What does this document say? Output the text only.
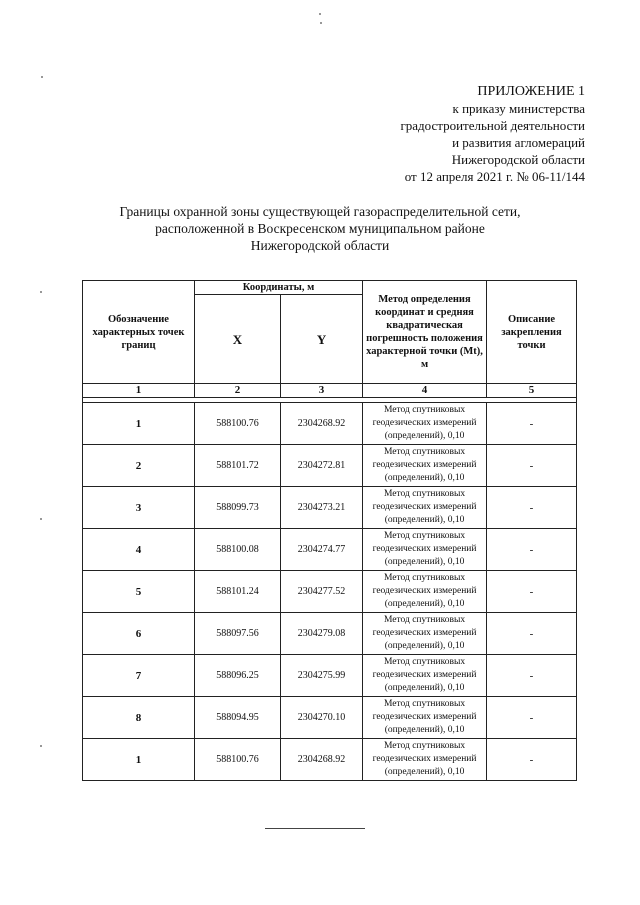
ПРИЛОЖЕНИЕ 1
к приказу министерства
градостроительной деятельности
и развития агломераций
Нижегородской области
от 12 апреля 2021 г. № 06-11/144
Границы охранной зоны существующей газораспределительной сети,
расположенной в Воскресенском муниципальном районе
Нижегородской области
Обозначение характерных точек границ	Координаты, м		Метод определения координат и средняя квадратическая погрешность положения характерной точки (Mt), м	Описание закрепления точки
	X	Y		
1	2	3	4	5

1	588100.76	2304268.92	Метод спутниковых геодезических измерений (определений), 0,10	-
2	588101.72	2304272.81	Метод спутниковых геодезических измерений (определений), 0,10	-
3	588099.73	2304273.21	Метод спутниковых геодезических измерений (определений), 0,10	-
4	588100.08	2304274.77	Метод спутниковых геодезических измерений (определений), 0,10	-
5	588101.24	2304277.52	Метод спутниковых геодезических измерений (определений), 0,10	-
6	588097.56	2304279.08	Метод спутниковых геодезических измерений (определений), 0,10	-
7	588096.25	2304275.99	Метод спутниковых геодезических измерений (определений), 0,10	-
8	588094.95	2304270.10	Метод спутниковых геодезических измерений (определений), 0,10	-
1	588100.76	2304268.92	Метод спутниковых геодезических измерений (определений), 0,10	-
